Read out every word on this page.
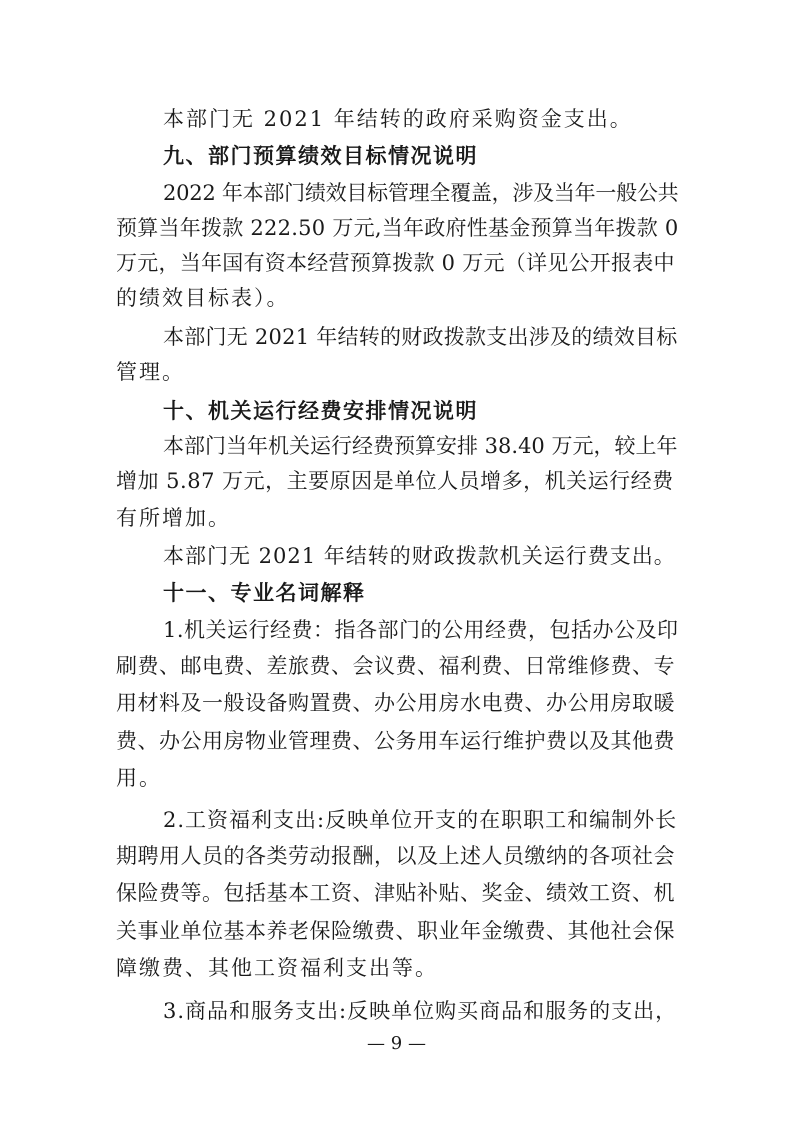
本部门无 2021 年结转的政府采购资金支出。
九、部门预算绩效目标情况说明
2022 年本部门绩效目标管理全覆盖，涉及当年一般公共
预算当年拨款 222.50 万元,当年政府性基金预算当年拨款 0
万元，当年国有资本经营预算拨款 0 万元（详见公开报表中
的绩效目标表）。
本部门无 2021 年结转的财政拨款支出涉及的绩效目标
管理。
十、机关运行经费安排情况说明
本部门当年机关运行经费预算安排 38.40 万元，较上年
增加 5.87 万元，主要原因是单位人员增多，机关运行经费
有所增加。
本部门无 2021 年结转的财政拨款机关运行费支出。
十一、专业名词解释
1.机关运行经费：指各部门的公用经费，包括办公及印
刷费、邮电费、差旅费、会议费、福利费、日常维修费、专
用材料及一般设备购置费、办公用房水电费、办公用房取暖
费、办公用房物业管理费、公务用车运行维护费以及其他费
用。
2.工资福利支出:反映单位开支的在职职工和编制外长
期聘用人员的各类劳动报酬，以及上述人员缴纳的各项社会
保险费等。包括基本工资、津贴补贴、奖金、绩效工资、机
关事业单位基本养老保险缴费、职业年金缴费、其他社会保
障缴费、其他工资福利支出等。
3.商品和服务支出:反映单位购买商品和服务的支出，
— 9 —
